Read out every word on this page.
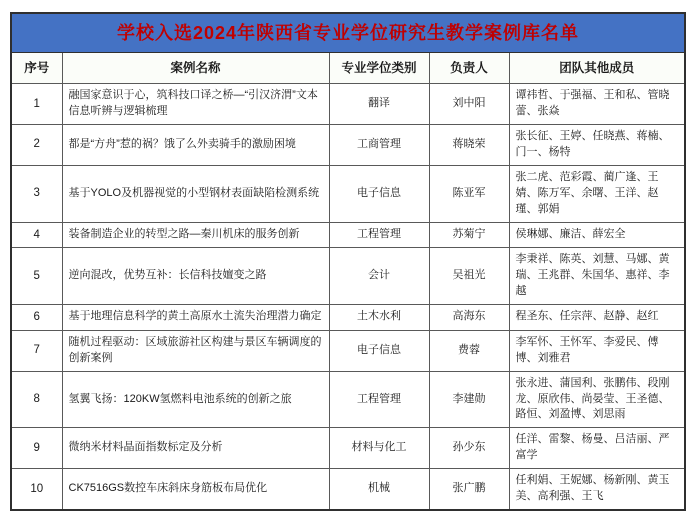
学校入选2024年陕西省专业学位研究生教学案例库名单				
序号	案例名称	专业学位类别	负责人	团队其他成员
1	融国家意识于心，筑科技口译之桥—“引汉济渭”文本信息听辨与逻辑梳理	翻译	刘中阳	谭祎哲、于强福、王和私、管晓蕾、张焱
2	都是“方舟”惹的祸？饿了么外卖骑手的激励困境	工商管理	蒋晓荣	张长征、王婷、任晓燕、蒋楠、门一、杨特
3	基于YOLO及机器视觉的小型钢材表面缺陷检测系统	电子信息	陈亚军	张二虎、范彩霞、蔺广逢、王婧、陈万军、余曙、王洋、赵瑾、郭娟
4	装备制造企业的转型之路—秦川机床的服务创新	工程管理	苏菊宁	侯琳娜、廉洁、薛宏全
5	逆向混改，优势互补：长信科技嬗变之路	会计	吴祖光	李秉祥、陈英、刘慧、马娜、黄瑞、王兆群、朱国华、惠祥、李越
6	基于地理信息科学的黄土高原水土流失治理潜力确定	土木水利	高海东	程圣东、任宗萍、赵静、赵红
7	随机过程驱动：区域旅游社区构建与景区车辆调度的创新案例	电子信息	费蓉	李军怀、王怀军、李爱民、傅博、刘雅君
8	氢翼飞扬：120KW氢燃料电池系统的创新之旅	工程管理	李建勋	张永进、蒲国利、张鹏伟、段刚龙、原欣伟、尚晏莹、王圣德、路恒、刘盈博、刘思雨
9	微纳米材料晶面指数标定及分析	材料与化工	孙少东	任洋、雷黎、杨曼、吕洁丽、严富学
10	CK7516GS数控车床斜床身筋板布局优化	机械	张广鹏	任利娟、王妮娜、杨新刚、黄玉美、高利强、王飞
